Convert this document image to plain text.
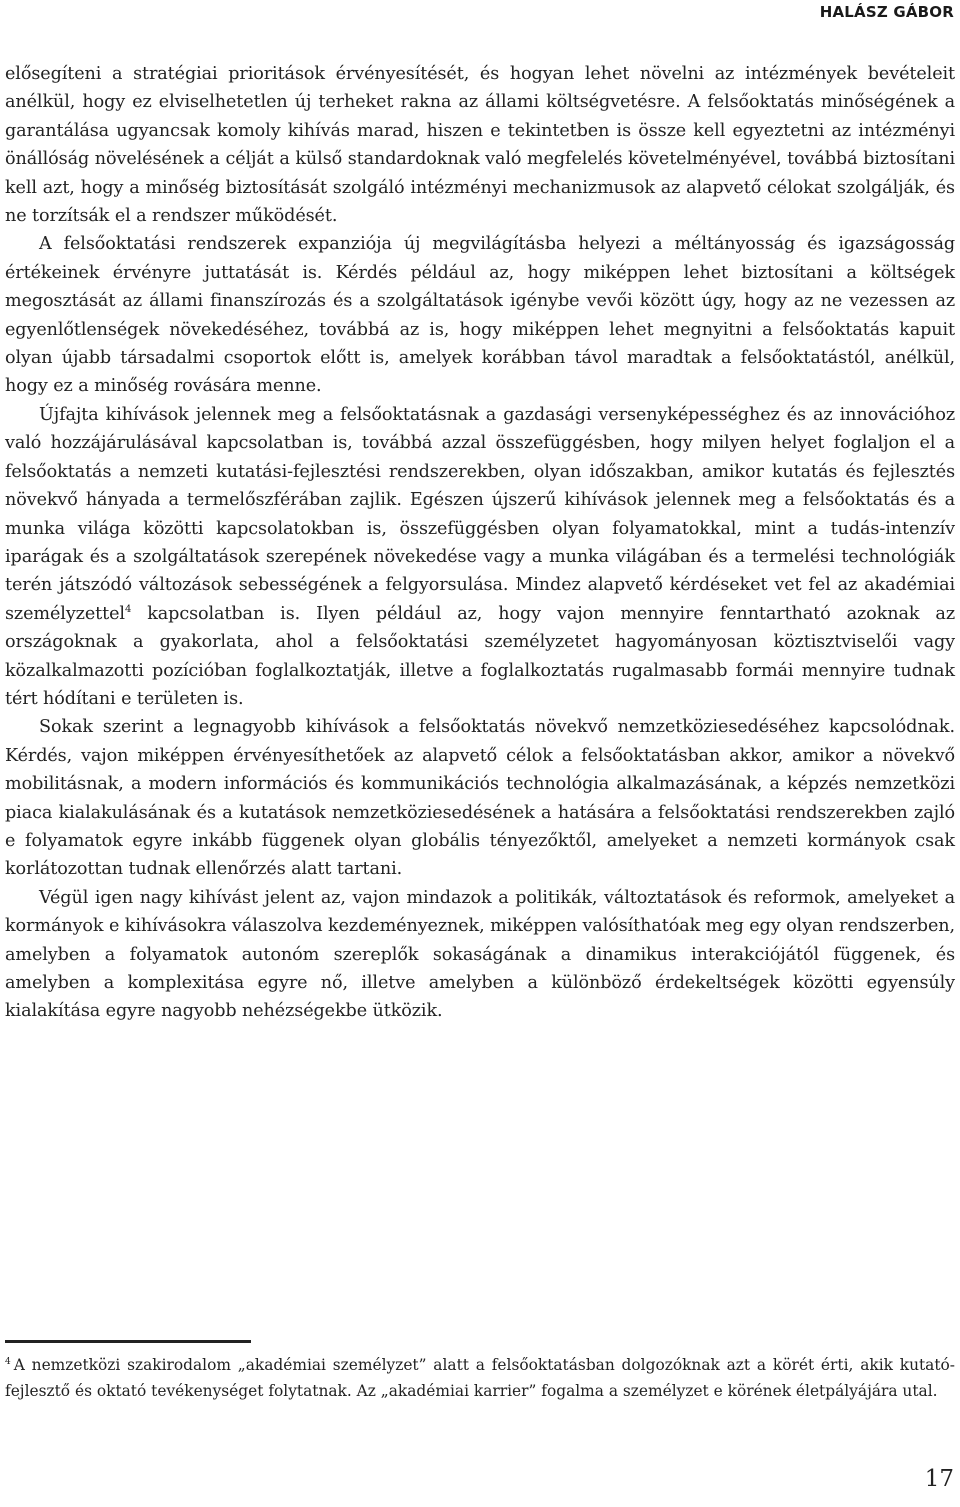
HALÁSZ GÁBOR

elősegíteni a stratégiai prioritások érvényesítését, és hogyan lehet növelni az intézmények bevételeit anélkül, hogy ez elviselhetetlen új terheket rakna az állami költségvetésre. A felsőoktatás minőségének a garantálása ugyancsak komoly kihívás marad, hiszen e tekintetben is össze kell egyeztetni az intézményi önállóság növelésének a célját a külső standardoknak való megfelelés követelményével, továbbá biztosítani kell azt, hogy a minőség biztosítását szolgáló intézményi mechanizmusok az alapvető célokat szolgálják, és ne torzítsák el a rendszer működését.

A felsőoktatási rendszerek expanziója új megvilágításba helyezi a méltányosság és igazságosság értékeinek érvényre juttatását is. Kérdés például az, hogy miképpen lehet biztosítani a költségek megosztását az állami finanszírozás és a szolgáltatások igénybe vevői között úgy, hogy az ne vezessen az egyenlőtlenségek növekedéséhez, továbbá az is, hogy miképpen lehet megnyitni a felsőoktatás kapuit olyan újabb társadalmi csoportok előtt is, amelyek korábban távol maradtak a felsőoktatástól, anélkül, hogy ez a minőség rovására menne.

Újfajta kihívások jelennek meg a felsőoktatásnak a gazdasági versenyképességhez és az innovációhoz való hozzájárulásával kapcsolatban is, továbbá azzal összefüggésben, hogy milyen helyet foglaljon el a felsőoktatás a nemzeti kutatási-fejlesztési rendszerekben, olyan időszakban, amikor kutatás és fejlesztés növekvő hányada a termelőszférában zajlik. Egészen újszerű kihívások jelennek meg a felsőoktatás és a munka világa közötti kapcsolatokban is, összefüggésben olyan folyamatokkal, mint a tudás-intenzív iparágak és a szolgáltatások szerepének növekedése vagy a munka világában és a termelési technológiák terén játszódó változások sebességének a felgyorsulása. Mindez alapvető kérdéseket vet fel az akadémiai személyzettel$^4$ kapcsolatban is. Ilyen például az, hogy vajon mennyire fenntartható azoknak az országoknak a gyakorlata, ahol a felsőoktatási személyzetet hagyományosan köztisztviselői vagy közalkalmazotti pozícióban foglalkoztatják, illetve a foglalkoztatás rugalmasabb formái mennyire tudnak tért hódítani e területen is.

Sokak szerint a legnagyobb kihívások a felsőoktatás növekvő nemzetköziesedéséhez kapcsolódnak. Kérdés, vajon miképpen érvényesíthetőek az alapvető célok a felsőoktatásban akkor, amikor a növekvő mobilitásnak, a modern információs és kommunikációs technológia alkalmazásának, a képzés nemzetközi piaca kialakulásának és a kutatások nemzetköziesedésének a hatására a felsőoktatási rendszerekben zajló e folyamatok egyre inkább függenek olyan globális tényezőktől, amelyeket a nemzeti kormányok csak korlátozottan tudnak ellenőrzés alatt tartani.

Végül igen nagy kihívást jelent az, vajon mindazok a politikák, változtatások és reformok, amelyeket a kormányok e kihívásokra válaszolva kezdeményeznek, miképpen valósíthatóak meg egy olyan rendszerben, amelyben a folyamatok autonóm szereplők sokaságának a dinamikus interakciójától függenek, és amelyben a komplexitása egyre nő, illetve amelyben a különböző érdekeltségek közötti egyensúly kialakítása egyre nagyobb nehézségekbe ütközik.

$^4$ A nemzetközi szakirodalom „akadémiai személyzet” alatt a felsőoktatásban dolgozóknak azt a körét érti, akik kutató-fejlesztő és oktató tevékenységet folytatnak. Az „akadémiai karrier” fogalma a személyzet e körének életpályájára utal.
17
